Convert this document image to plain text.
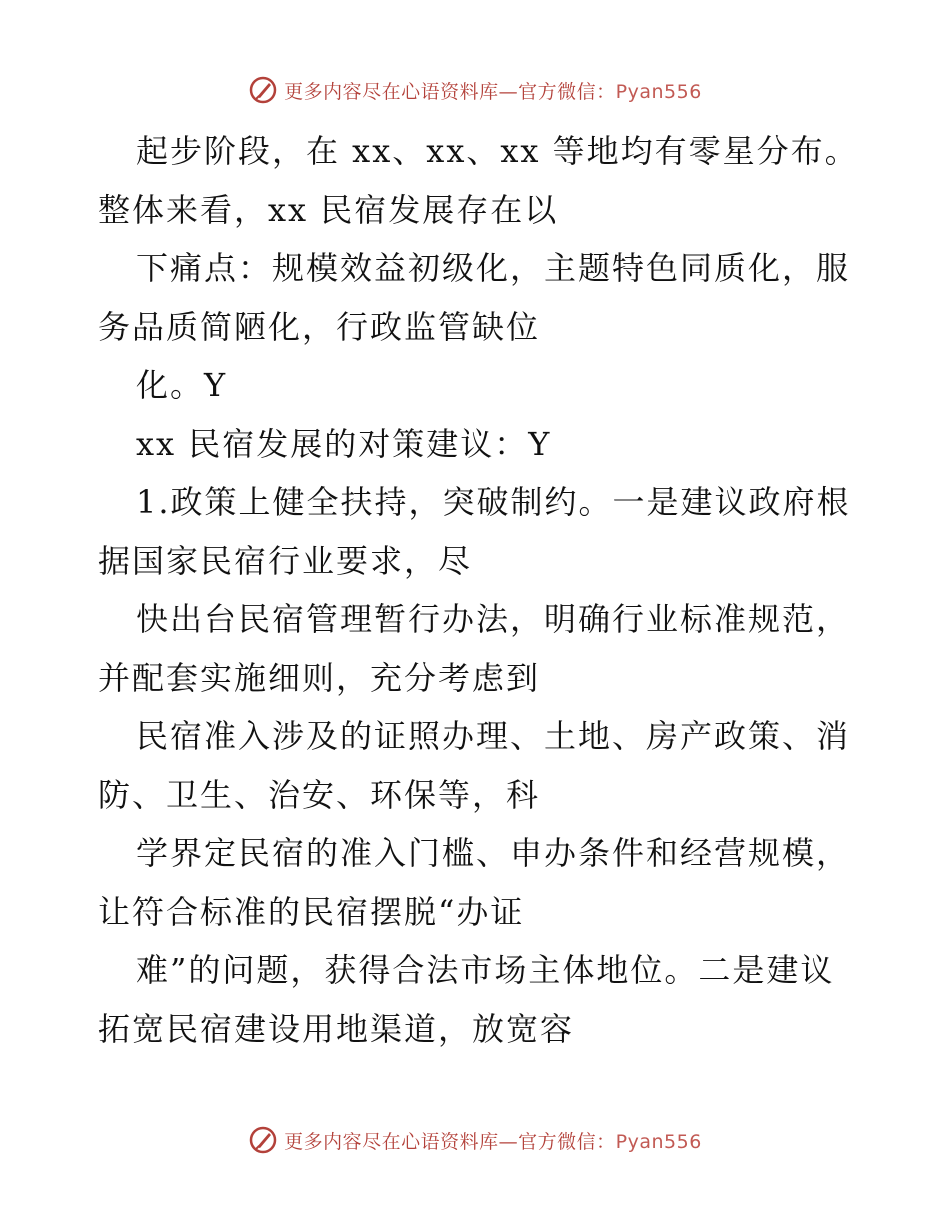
更多内容尽在心语资料库—官方微信：Pyan556
起步阶段，在 xx、xx、xx 等地均有零星分布。
整体来看，xx 民宿发展存在以
下痛点：规模效益初级化，主题特色同质化，服
务品质简陋化，行政监管缺位
化。Y
xx 民宿发展的对策建议：Y
1.政策上健全扶持，突破制约。一是建议政府根
据国家民宿行业要求，尽
快出台民宿管理暂行办法，明确行业标准规范，
并配套实施细则，充分考虑到
民宿准入涉及的证照办理、土地、房产政策、消
防、卫生、治安、环保等，科
学界定民宿的准入门槛、申办条件和经营规模，
让符合标准的民宿摆脱“办证
难”的问题，获得合法市场主体地位。二是建议
拓宽民宿建设用地渠道，放宽容
更多内容尽在心语资料库—官方微信：Pyan556
